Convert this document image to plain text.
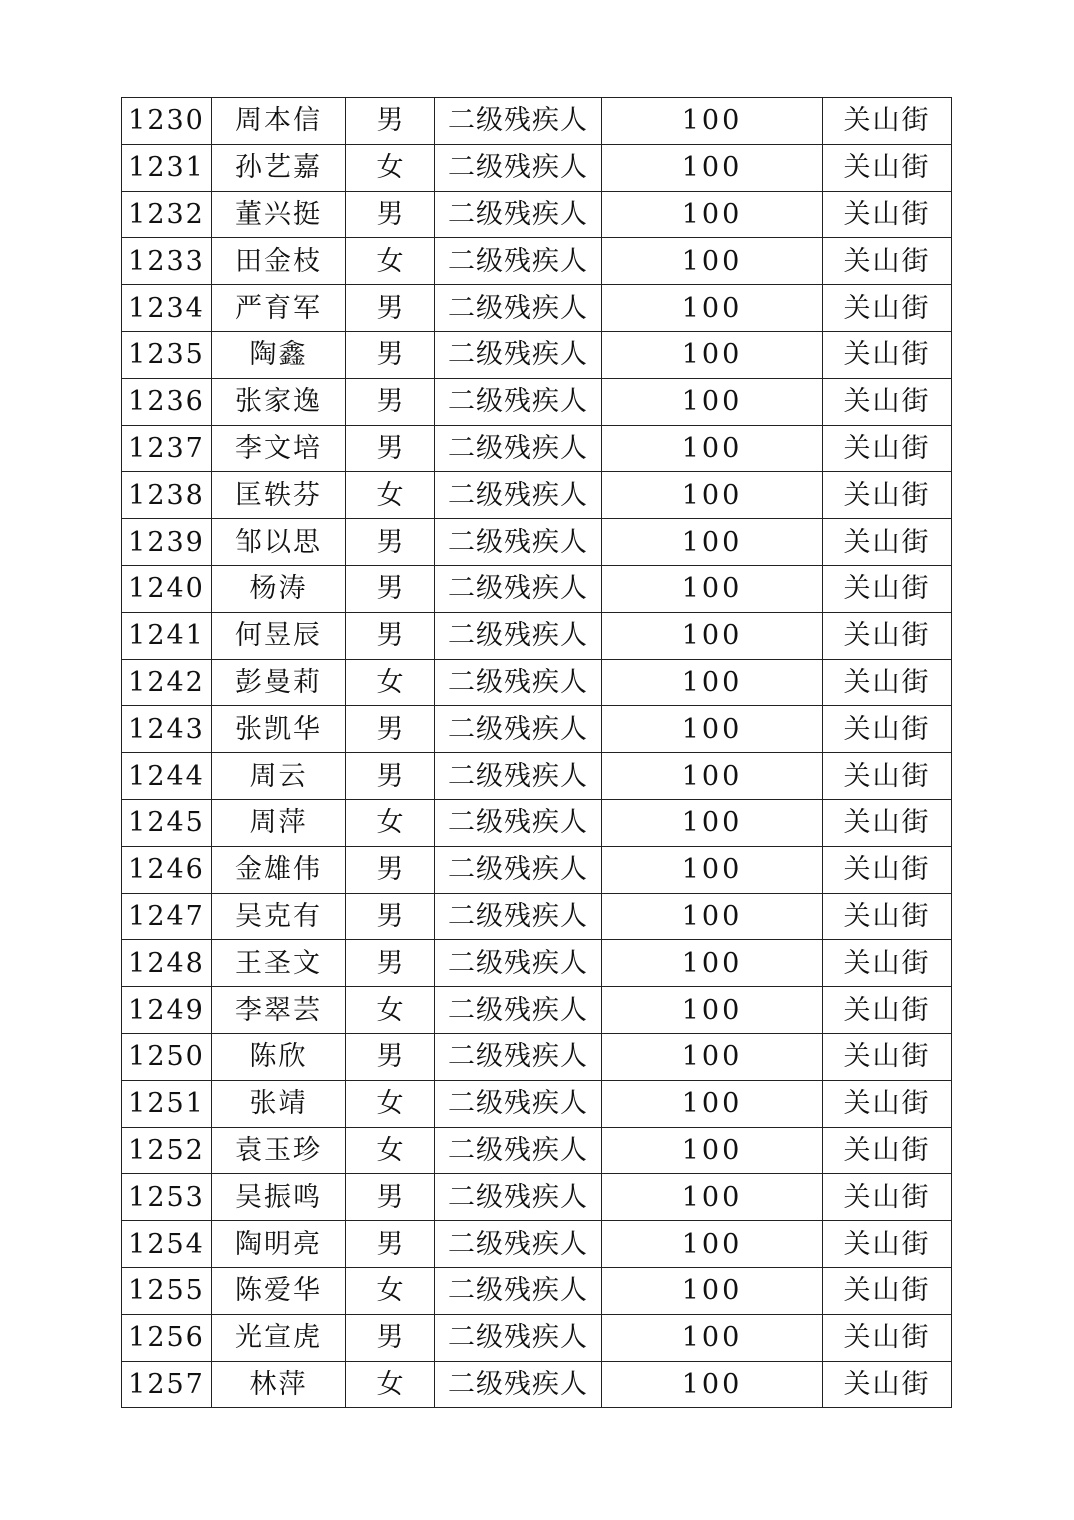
1230	周本信	男	二级残疾人	100	关山街
1231	孙艺嘉	女	二级残疾人	100	关山街
1232	董兴挺	男	二级残疾人	100	关山街
1233	田金枝	女	二级残疾人	100	关山街
1234	严育军	男	二级残疾人	100	关山街
1235	陶鑫	男	二级残疾人	100	关山街
1236	张家逸	男	二级残疾人	100	关山街
1237	李文培	男	二级残疾人	100	关山街
1238	匡轶芬	女	二级残疾人	100	关山街
1239	邹以思	男	二级残疾人	100	关山街
1240	杨涛	男	二级残疾人	100	关山街
1241	何昱辰	男	二级残疾人	100	关山街
1242	彭曼莉	女	二级残疾人	100	关山街
1243	张凯华	男	二级残疾人	100	关山街
1244	周云	男	二级残疾人	100	关山街
1245	周萍	女	二级残疾人	100	关山街
1246	金雄伟	男	二级残疾人	100	关山街
1247	吴克有	男	二级残疾人	100	关山街
1248	王圣文	男	二级残疾人	100	关山街
1249	李翠芸	女	二级残疾人	100	关山街
1250	陈欣	男	二级残疾人	100	关山街
1251	张靖	女	二级残疾人	100	关山街
1252	袁玉珍	女	二级残疾人	100	关山街
1253	吴振鸣	男	二级残疾人	100	关山街
1254	陶明亮	男	二级残疾人	100	关山街
1255	陈爱华	女	二级残疾人	100	关山街
1256	光宣虎	男	二级残疾人	100	关山街
1257	林萍	女	二级残疾人	100	关山街
